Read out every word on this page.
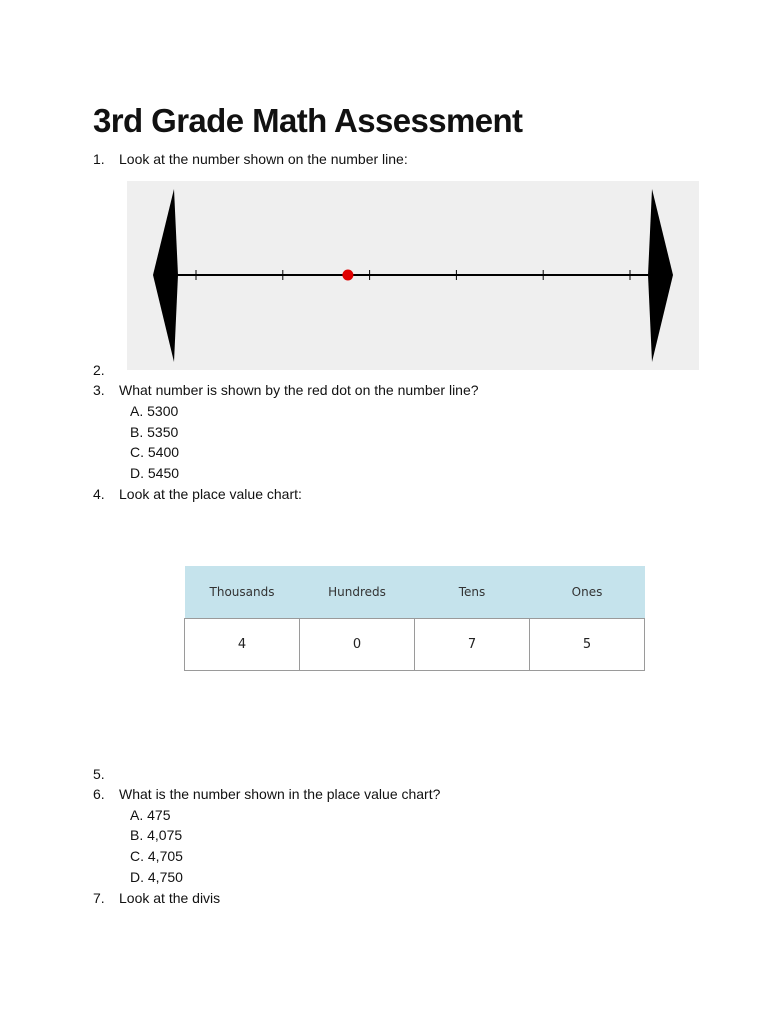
3rd Grade Math Assessment
1. Look at the number shown on the number line:
2.
3. What number is shown by the red dot on the number line?
A. 5300
B. 5350
C. 5400
D. 5450
4. Look at the place value chart:
Thousands	Hundreds	Tens	Ones
4	0	7	5
5.
6. What is the number shown in the place value chart?
A. 475
B. 4,075
C. 4,705
D. 4,750
7. Look at the divis
